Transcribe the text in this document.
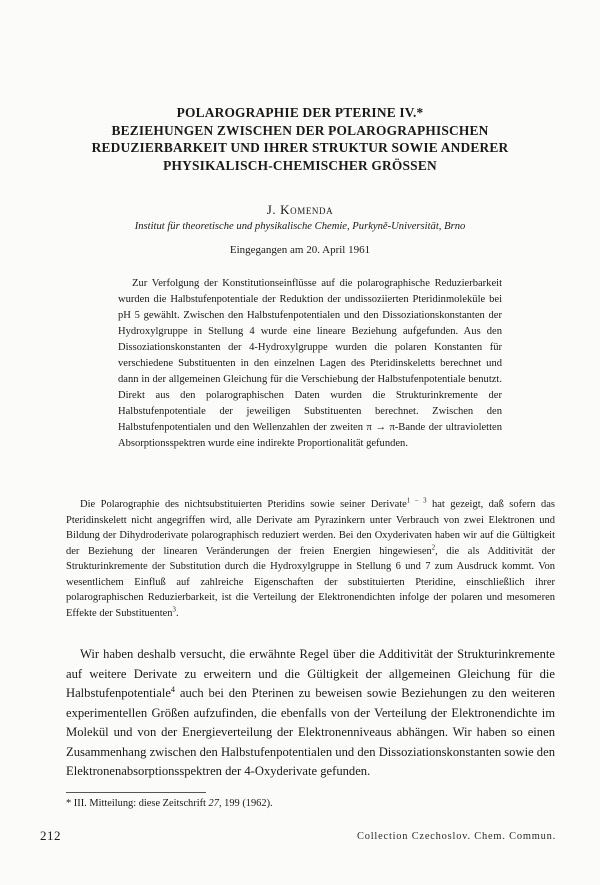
POLAROGRAPHIE DER PTERINE IV.*
BEZIEHUNGEN ZWISCHEN DER POLAROGRAPHISCHEN
REDUZIERBARKEIT UND IHRER STRUKTUR SOWIE ANDERER
PHYSIKALISCH-CHEMISCHER GRÖSSEN
J. Komenda
Institut für theoretische und physikalische Chemie, Purkyně-Universität, Brno
Eingegangen am 20. April 1961
Zur Verfolgung der Konstitutionseinflüsse auf die polarographische Reduzierbarkeit wurden die Halbstufenpotentiale der Reduktion der undissoziierten Pteridinmoleküle bei pH 5 gewählt. Zwischen den Halbstufenpotentialen und den Dissoziationskonstanten der Hydroxylgruppe in Stellung 4 wurde eine lineare Beziehung aufgefunden. Aus den Dissoziationskonstanten der 4-Hydroxylgruppe wurden die polaren Konstanten für verschiedene Substituenten in den einzelnen Lagen des Pteridinskeletts berechnet und dann in der allgemeinen Gleichung für die Verschiebung der Halbstufenpotentiale benutzt. Direkt aus den polarographischen Daten wurden die Strukturinkremente der Halbstufenpotentiale der jeweiligen Substituenten berechnet. Zwischen den Halbstufenpotentialen und den Wellenzahlen der zweiten π → π-Bande der ultravioletten Absorptionsspektren wurde eine indirekte Proportionalität gefunden.

Die Polarographie des nichtsubstituierten Pteridins sowie seiner Derivate$^{1 - 3}$ hat gezeigt, daß sofern das Pteridinskelett nicht angegriffen wird, alle Derivate am Pyrazinkern unter Verbrauch von zwei Elektronen und Bildung der Dihydroderivate polarographisch reduziert werden. Bei den Oxyderivaten haben wir auf die Gültigkeit der Beziehung der linearen Veränderungen der freien Energien hingewiesen$^2$, die als Additivität der Strukturinkremente der Substitution durch die Hydroxylgruppe in Stellung 6 und 7 zum Ausdruck kommt. Von wesentlichem Einfluß auf zahlreiche Eigenschaften der substituierten Pteridine, einschließlich ihrer polarographischen Reduzierbarkeit, ist die Verteilung der Elektronendichten infolge der polaren und mesomeren Effekte der Substituenten$^3$.

Wir haben deshalb versucht, die erwähnte Regel über die Additivität der Strukturinkremente auf weitere Derivate zu erweitern und die Gültigkeit der allgemeinen Gleichung für die Halbstufenpotentiale$^4$ auch bei den Pterinen zu beweisen sowie Beziehungen zu den weiteren experimentellen Größen aufzufinden, die ebenfalls von der Verteilung der Elektronendichte im Molekül und von der Energieverteilung der Elektronenniveaus abhängen. Wir haben so einen Zusammenhang zwischen den Halbstufenpotentialen und den Dissoziationskonstanten sowie den Elektronenabsorptionsspektren der 4-Oxyderivate gefunden.

* III. Mitteilung: diese Zeitschrift 27, 199 (1962).
212	Collection Czechoslov. Chem. Commun.
